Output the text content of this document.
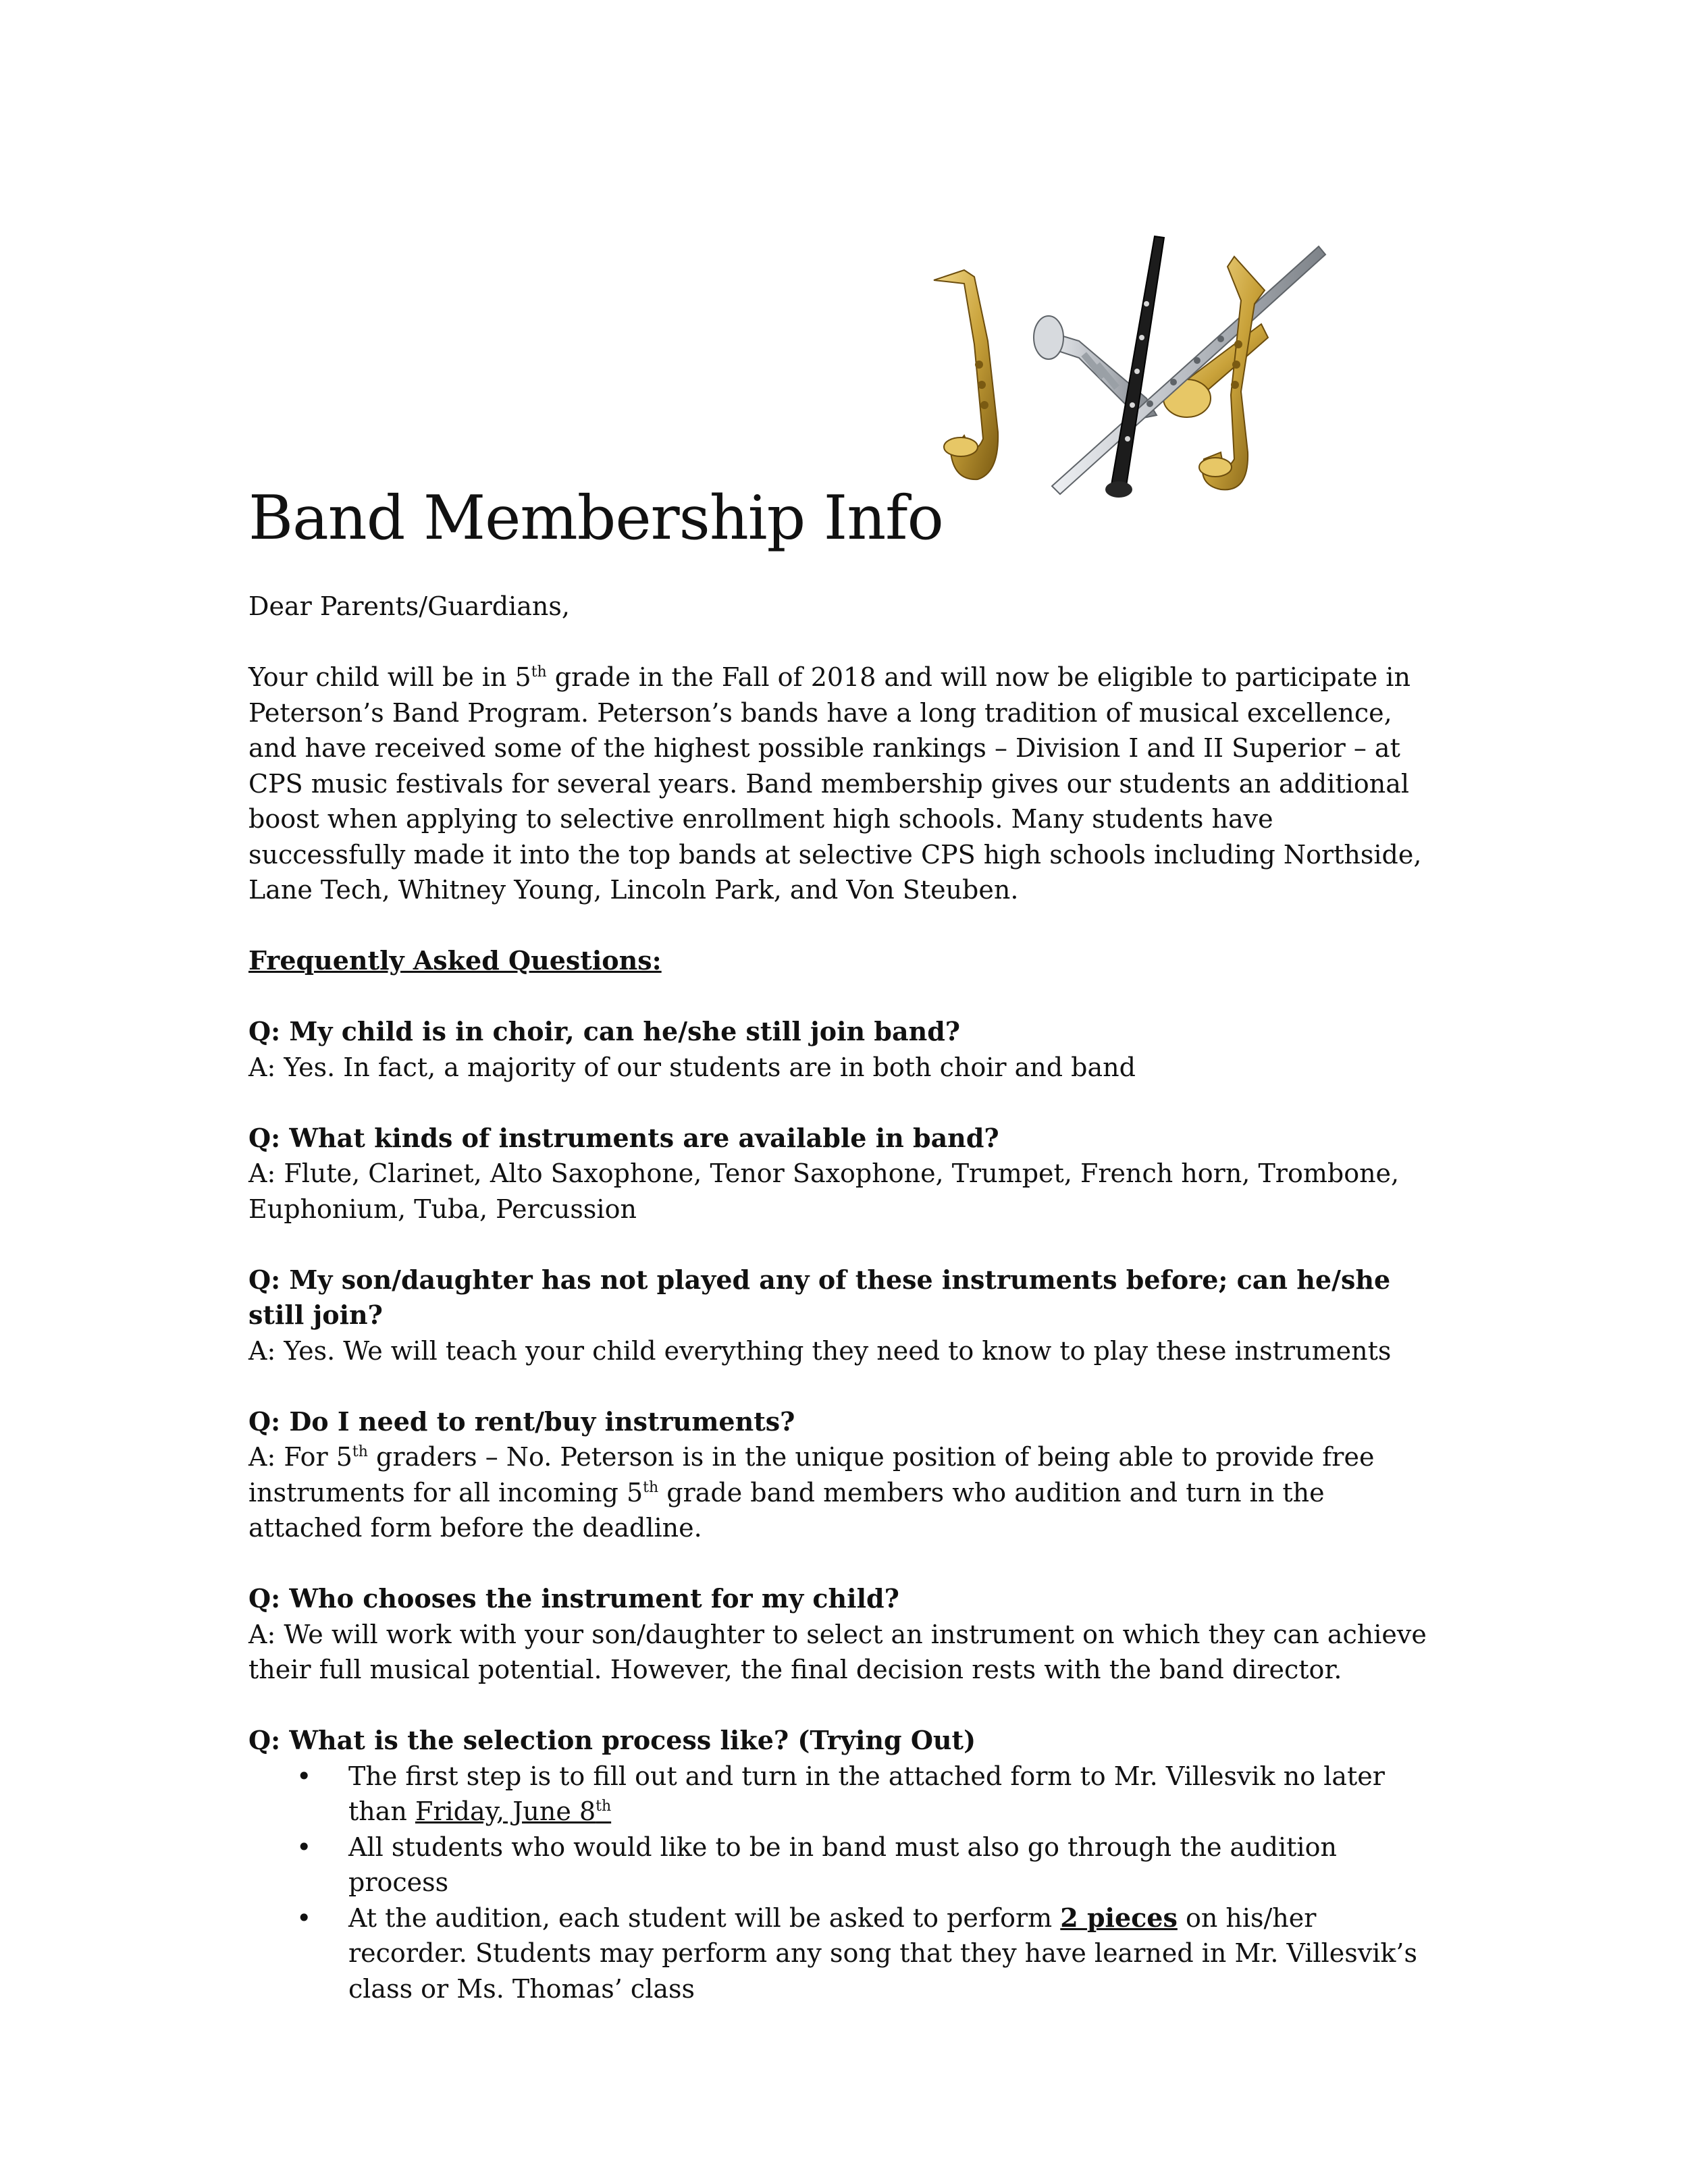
Band Membership Info

Dear Parents/Guardians,

Your child will be in 5th grade in the Fall of 2018 and will now be eligible to participate in Peterson’s Band Program. Peterson’s bands have a long tradition of musical excellence, and have received some of the highest possible rankings – Division I and II Superior – at CPS music festivals for several years. Band membership gives our students an additional boost when applying to selective enrollment high schools. Many students have successfully made it into the top bands at selective CPS high schools including Northside, Lane Tech, Whitney Young, Lincoln Park, and Von Steuben.

Frequently Asked Questions:

Q: My child is in choir, can he/she still join band?

A: Yes. In fact, a majority of our students are in both choir and band

Q: What kinds of instruments are available in band?

A: Flute, Clarinet, Alto Saxophone, Tenor Saxophone, Trumpet, French horn, Trombone, Euphonium, Tuba, Percussion

Q: My son/daughter has not played any of these instruments before; can he/she still join?

A: Yes. We will teach your child everything they need to know to play these instruments

Q: Do I need to rent/buy instruments?

A: For 5th graders – No. Peterson is in the unique position of being able to provide free instruments for all incoming 5th grade band members who audition and turn in the attached form before the deadline.

Q: Who chooses the instrument for my child?

A: We will work with your son/daughter to select an instrument on which they can achieve their full musical potential. However, the final decision rests with the band director.

Q: What is the selection process like? (Trying Out)

• The first step is to fill out and turn in the attached form to Mr. Villesvik no later than Friday, June 8th
• All students who would like to be in band must also go through the audition process
• At the audition, each student will be asked to perform 2 pieces on his/her recorder. Students may perform any song that they have learned in Mr. Villesvik’s class or Ms. Thomas’ class
